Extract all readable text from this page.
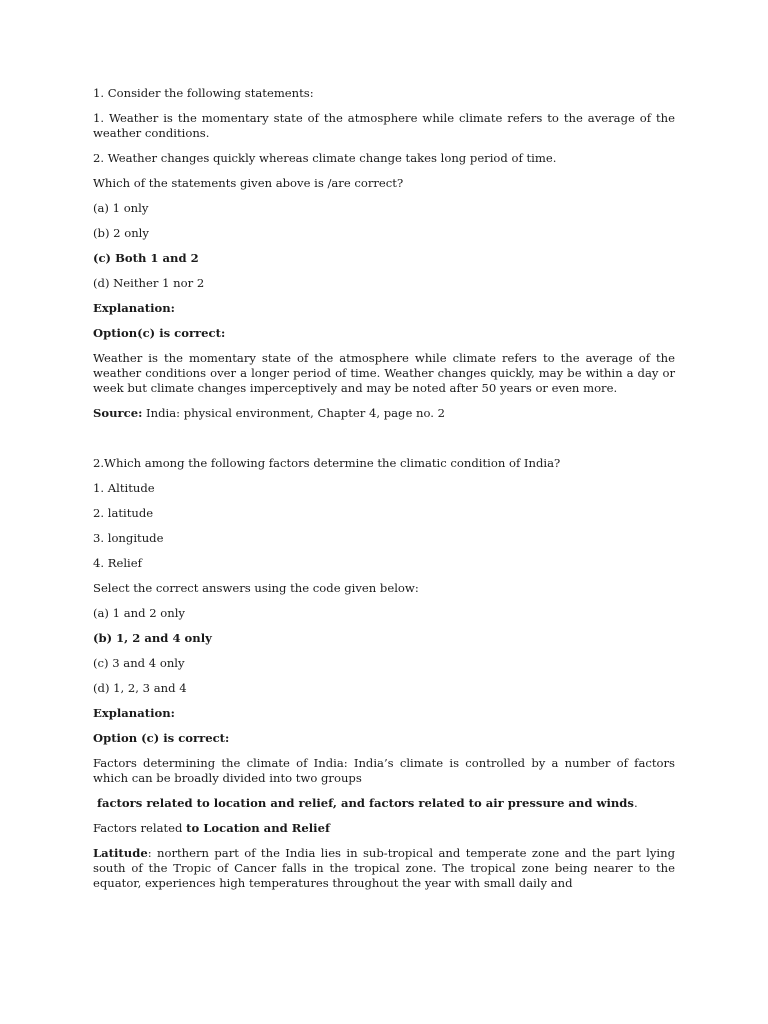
1. Consider the following statements:

1. Weather is the momentary state of the atmosphere while climate refers to the average of the weather conditions.

2. Weather changes quickly whereas climate change takes long period of time.

Which of the statements given above is /are correct?

(a) 1 only

(b) 2 only

(c) Both 1 and 2

(d) Neither 1 nor 2

Explanation:

Option(c) is correct:

Weather is the momentary state of the atmosphere while climate refers to the average of the weather conditions over a longer period of time. Weather changes quickly, may be within a day or week but climate changes imperceptively and may be noted after 50 years or even more.

Source: India: physical environment, Chapter 4, page no. 2

2.Which among the following factors determine the climatic condition of India?

1. Altitude

2. latitude

3. longitude

4. Relief

Select the correct answers using the code given below:

(a) 1 and 2 only

(b) 1, 2 and 4 only

(c) 3 and 4 only

(d) 1, 2, 3 and 4

Explanation:

Option (c) is correct:

Factors determining the climate of India: India’s climate is controlled by a number of factors which can be broadly divided into two groups

factors related to location and relief, and factors related to air pressure and winds.

Factors related to Location and Relief

Latitude: northern part of the India lies in sub-tropical and temperate zone and the part lying south of the Tropic of Cancer falls in the tropical zone. The tropical zone being nearer to the equator, experiences high temperatures throughout the year with small daily and
